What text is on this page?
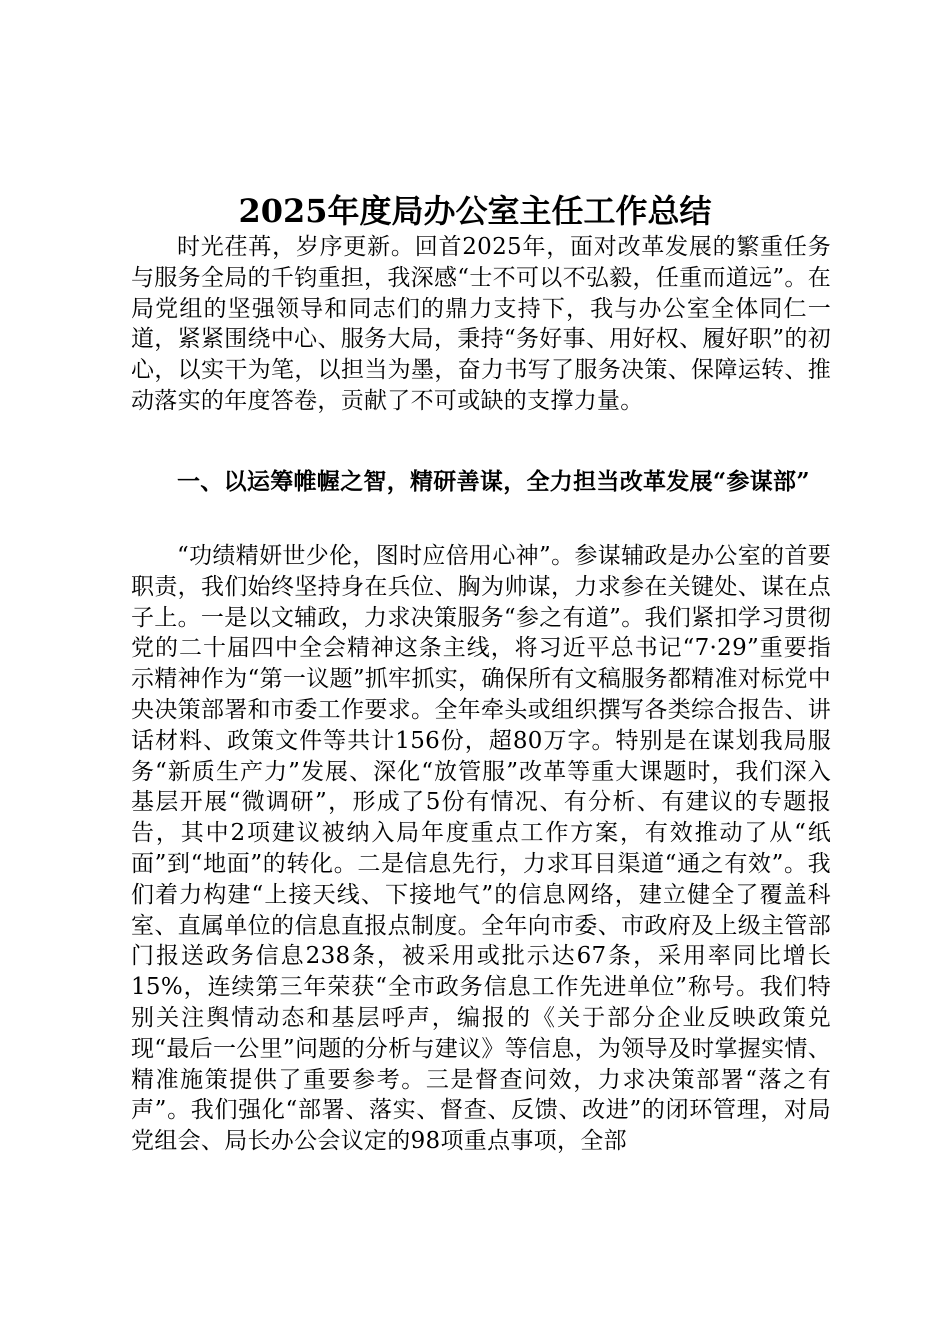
2025年度局办公室主任工作总结

时光荏苒，岁序更新。回首2025年，面对改革发展的繁重任务与服务全局的千钧重担，我深感“士不可以不弘毅，任重而道远”。在局党组的坚强领导和同志们的鼎力支持下，我与办公室全体同仁一道，紧紧围绕中心、服务大局，秉持“务好事、用好权、履好职”的初心，以实干为笔，以担当为墨，奋力书写了服务决策、保障运转、推动落实的年度答卷，贡献了不可或缺的支撑力量。

一、以运筹帷幄之智，精研善谋，全力担当改革发展“参谋部”

“功绩精妍世少伦，图时应倍用心神”。参谋辅政是办公室的首要职责，我们始终坚持身在兵位、胸为帅谋，力求参在关键处、谋在点子上。一是以文辅政，力求决策服务“参之有道”。我们紧扣学习贯彻党的二十届四中全会精神这条主线，将习近平总书记“7·29”重要指示精神作为“第一议题”抓牢抓实，确保所有文稿服务都精准对标党中央决策部署和市委工作要求。全年牵头或组织撰写各类综合报告、讲话材料、政策文件等共计156份，超80万字。特别是在谋划我局服务“新质生产力”发展、深化“放管服”改革等重大课题时，我们深入基层开展“微调研”，形成了5份有情况、有分析、有建议的专题报告，其中2项建议被纳入局年度重点工作方案，有效推动了从“纸面”到“地面”的转化。二是信息先行，力求耳目渠道“通之有效”。我们着力构建“上接天线、下接地气”的信息网络，建立健全了覆盖科室、直属单位的信息直报点制度。全年向市委、市政府及上级主管部门报送政务信息238条，被采用或批示达67条，采用率同比增长15%，连续第三年荣获“全市政务信息工作先进单位”称号。我们特别关注舆情动态和基层呼声，编报的《关于部分企业反映政策兑现“最后一公里”问题的分析与建议》等信息，为领导及时掌握实情、精准施策提供了重要参考。三是督查问效，力求决策部署“落之有声”。我们强化“部署、落实、督查、反馈、改进”的闭环管理，对局党组会、局长办公会议定的98项重点事项，全部
